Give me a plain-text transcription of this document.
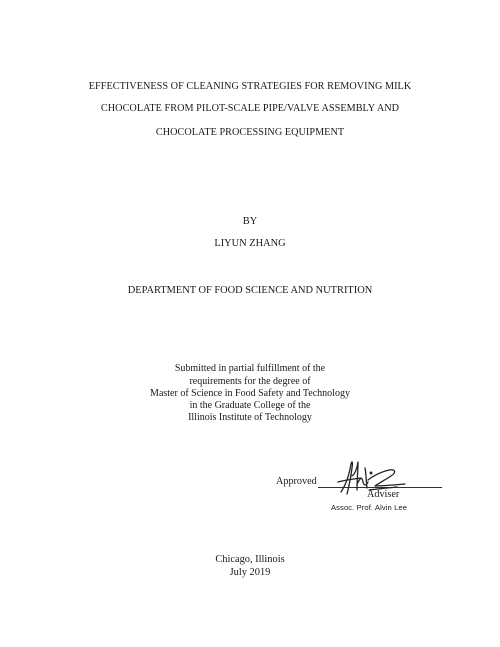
EFFECTIVENESS OF CLEANING STRATEGIES FOR REMOVING MILK
CHOCOLATE FROM PILOT-SCALE PIPE/VALVE ASSEMBLY AND
CHOCOLATE PROCESSING EQUIPMENT
BY
LIYUN ZHANG
DEPARTMENT OF FOOD SCIENCE AND NUTRITION
Submitted in partial fulfillment of the
requirements for the degree of
Master of Science in Food Safety and Technology
in the Graduate College of the
Illinois Institute of Technology
Approved
Adviser
Assoc. Prof. Alvin Lee
Chicago, Illinois
July 2019
